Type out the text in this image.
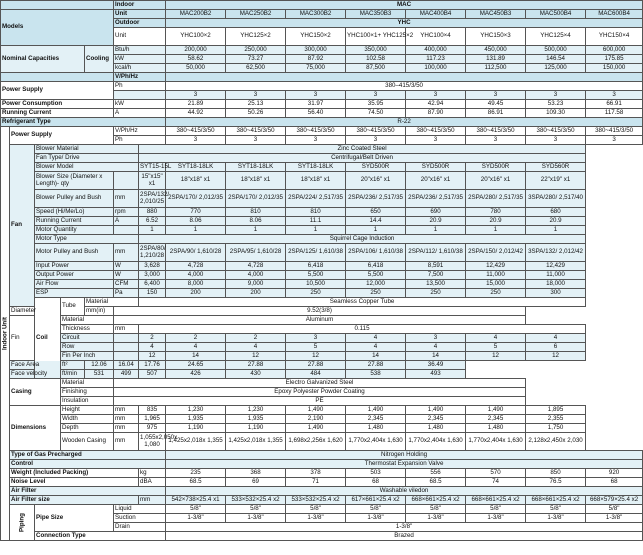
					Indoor		MAC							
Models					Unit		MAC200B2	MAC250B2	MAC300B2	MAC350B3	MAC400B4	MAC450B3	MAC500B4	MAC600B4
					Outdoor		YHC							
					Unit		YHC100×2	YHC125×2	YHC150×2	YHC100×1+ YHC125×2	YHC100×4	YHC150×3	YHC125×4	YHC150×4
Nominal Capacities				Cooling	Btu/h		200,000	250,000	300,000	350,000	400,000	450,000	500,000	600,000
					kW		58.62	73.27	87.92	102.58	117.23	131.89	146.54	175.85
					kcal/h		50,000	62,500	75,000	87,500	100,000	112,500	125,000	150,000
					V/Ph/Hz									
Power Supply					Ph		380–415/3/50							
							3	3	3	3	3	3	3	3
Power Consumption					kW		21.89	25.13	31.97	35.95	42.94	49.45	53.23	66.91
Running Current					A		44.92	50.26	56.40	74.50	87.90	86.91	109.30	117.58
Refrigerant Type							R-22							
Indoor Unit	Power Supply				V/Ph/Hz		380~415/3/50	380~415/3/50	380~415/3/50	380~415/3/50	380~415/3/50	380~415/3/50	380~415/3/50	380~415/3/50
					Ph		3	3	3	3	3	3	3	3
	Fan	Blower Material				Zinc Coated Steel								
		Fan Type/ Drive				Centrifugal/Belt Driven								
		Blower Model				SYT15-15L	SYT18-18LK	SYT18-18LK	SYT18-18LK	SYD500R	SYD500R	SYD500R	SYD560R	
		Blower Size (Diameter x Length)- qty				15"x15" x1	18"x18" x1	18"x18" x1	18"x18" x1	20"x16" x1	20"x16" x1	20"x16" x1	22"x19" x1	
		Blower Pulley and Bush			mm	2SPA/132/ 2,010/25	2SPA/170/ 2,012/35	2SPA/170/ 2,012/35	2SPA/224/ 2,517/35	2SPA/236/ 2,517/35	2SPA/236/ 2,517/35	2SPA/280/ 2,517/35	3SPA/280/ 2,517/40	
		Speed (Hi/Me/Lo)			rpm	880	770	810	810	650	690	780	680	
		Running Current			A	6.52	8.06	8.06	11.1	14.4	20.9	20.9	20.9	
		Motor Quantity				1	1	1	1	1	1	1	1	
		Motor Type				Squirrel Cage Induction								
		Motor Pulley and Bush			mm	2SPA/80/ 1,210/28	2SPA/90/ 1,610/28	2SPA/95/ 1,610/28	2SPA/125/ 1,610/38	2SPA/106/ 1,610/38	2SPA/112/ 1,610/38	2SPA/150/ 2,012/42	3SPA/132/ 2,012/42	
		Input Power			W	3,628	4,728	4,728	6,418	6,418	8,591	12,429	12,429	
		Output Power			W	3,000	4,000	4,000	5,500	5,500	7,500	11,000	11,000	
		Air Flow			CFM	6,400	8,000	9,000	10,500	12,000	13,500	15,000	18,000	
		ESP			Pa	150	200	200	250	250	250	250	300	
		Coil	Tube	Material		Seamless Copper Tube								
	Diameter			mm(in)	9.52(3/8)									
	Fin		Material		Aluminum									
			Thickness		mm	0.115								
			Circuit			2	2	2	3	4	3	4	4	
			Row			4	4	4	5	4	4	5	6	
			Fin Per Inch			12	14	12	12	14	14	12	12	
	Face Area		ft²	12.06	16.04	17.76	24.65	27.88	27.88	27.88	36.49			
	Face velocity		ft/min	531	499	507	426	430	484	538	493			
	Casing		Material		Electro Galvanized Steel									
			Finishing		Epoxy Polyester Powder Coating									
			Insulation		PE									
	Dimensions		Height		mm	835	1,230	1,230	1,490	1,490	1,490	1,490	1,895	
			Width		mm	1,965	1,935	1,935	2,190	2,345	2,345	2,345	2,355	
			Depth		mm	975	1,190	1,190	1,490	1,480	1,480	1,480	1,750	
			Wooden Casing		mm	1,055x2,050x 1,080	1,425x2,018x 1,355	1,425x2,018x 1,355	1,698x2,256x 1,620	1,770x2,404x 1,630	1,770x2,404x 1,630	1,770x2,404x 1,630	2,128x2,450x 2,030	
	Type of Gas Precharged						Nitrogen Holding							
	Control						Thermostat Expansion Valve							
	Weight (Included Packing)					kg	235	368	378	503	556	570	850	920
	Noise Level					dBA	68.5	69	71	68	68.5	74	76.5	68
	Air Filter						Washable viledon							
	Air Filter size					mm	542×738×25.4 x1	533×532×25.4 x2	533×532×25.4 x2	617×661×25.4 x2	668×661×25.4 x2	668×661×25.4 x2	668×661×25.4 x2	668×579×25.4 x2
	Piping	Pipe Size			Liquid		5/8"	5/8"	5/8"	5/8"	5/8"	5/8"	5/8"	5/8"
					Suction		1-3/8"	1-3/8"	1-3/8"	1-3/8"	1-3/8"	1-3/8"	1-3/8"	1-3/8"
					Drain		1-3/8"							
		Connection Type					Brazed							
